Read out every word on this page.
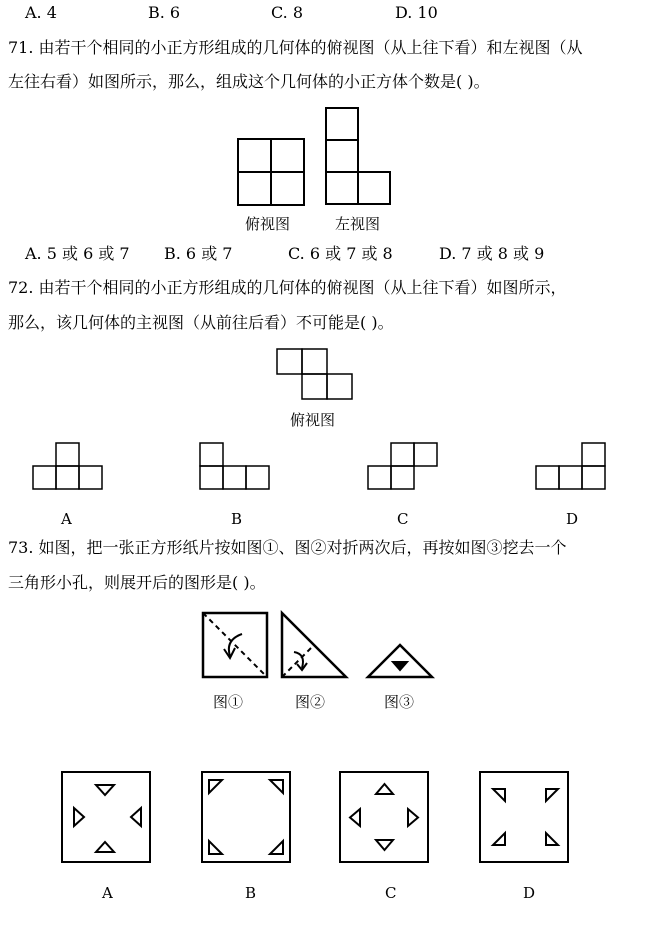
A. 4	B. 6	C. 8	D. 10
71. 由若干个相同的小正方形组成的几何体的俯视图（从上往下看）和左视图（从
左往右看）如图所示，那么，组成这个几何体的小正方体个数是( )。
俯视图	左视图
A. 5 或 6 或 7 B. 6 或 7	C. 6 或 7 或 8	D. 7 或 8 或 9
72. 由若干个相同的小正方形组成的几何体的俯视图（从上往下看）如图所示，
那么，该几何体的主视图（从前往后看）不可能是( )。
俯视图
A	B	C	D
73. 如图，把一张正方形纸片按如图①、图②对折两次后，再按如图③挖去一个
三角形小孔，则展开后的图形是( )。
图①	图②	图③
A	B	C	D
